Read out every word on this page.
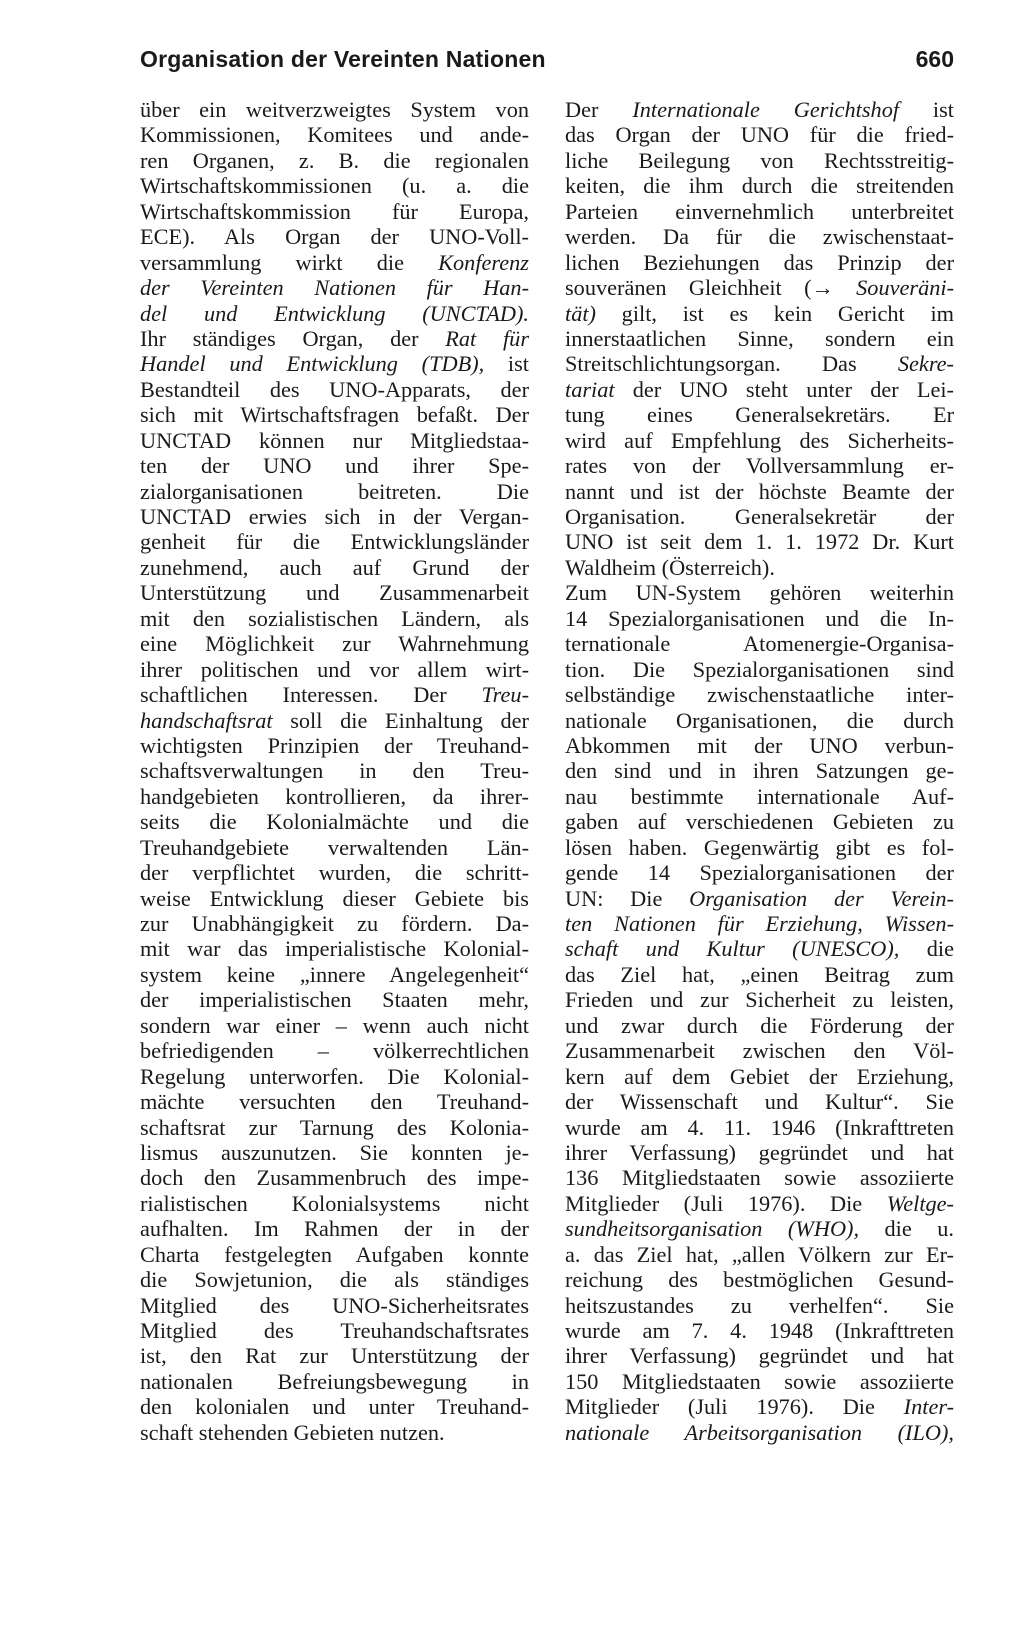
Organisation der Vereinten Nationen	660
über ein weitverzweigtes System von
Kommissionen, Komitees und ande-
ren Organen, z. B. die regionalen
Wirtschaftskommissionen (u. a. die
Wirtschaftskommission für Europa,
ECE). Als Organ der UNO-Voll-
versammlung wirkt die Konferenz
der Vereinten Nationen für Han-
del und Entwicklung (UNCTAD).
Ihr ständiges Organ, der Rat für
Handel und Entwicklung (TDB), ist
Bestandteil des UNO-Apparats, der
sich mit Wirtschaftsfragen befaßt. Der
UNCTAD können nur Mitgliedstaa-
ten der UNO und ihrer Spe-
zialorganisationen beitreten. Die
UNCTAD erwies sich in der Vergan-
genheit für die Entwicklungsländer
zunehmend, auch auf Grund der
Unterstützung und Zusammenarbeit
mit den sozialistischen Ländern, als
eine Möglichkeit zur Wahrnehmung
ihrer politischen und vor allem wirt-
schaftlichen Interessen. Der Treu-
handschaftsrat soll die Einhaltung der
wichtigsten Prinzipien der Treuhand-
schaftsverwaltungen in den Treu-
handgebieten kontrollieren, da ihrer-
seits die Kolonialmächte und die
Treuhandgebiete verwaltenden Län-
der verpflichtet wurden, die schritt-
weise Entwicklung dieser Gebiete bis
zur Unabhängigkeit zu fördern. Da-
mit war das imperialistische Kolonial-
system keine „innere Angelegenheit“
der imperialistischen Staaten mehr,
sondern war einer – wenn auch nicht
befriedigenden – völkerrechtlichen
Regelung unterworfen. Die Kolonial-
mächte versuchten den Treuhand-
schaftsrat zur Tarnung des Kolonia-
lismus auszunutzen. Sie konnten je-
doch den Zusammenbruch des impe-
rialistischen Kolonialsystems nicht
aufhalten. Im Rahmen der in der
Charta festgelegten Aufgaben konnte
die Sowjetunion, die als ständiges
Mitglied des UNO-Sicherheitsrates
Mitglied des Treuhandschaftsrates
ist, den Rat zur Unterstützung der
nationalen Befreiungsbewegung in
den kolonialen und unter Treuhand-
schaft stehenden Gebieten nutzen.
Der Internationale Gerichtshof ist
das Organ der UNO für die fried-
liche Beilegung von Rechtsstreitig-
keiten, die ihm durch die streitenden
Parteien einvernehmlich unterbreitet
werden. Da für die zwischenstaat-
lichen Beziehungen das Prinzip der
souveränen Gleichheit (→ Souveräni-
tät) gilt, ist es kein Gericht im
innerstaatlichen Sinne, sondern ein
Streitschlichtungsorgan. Das Sekre-
tariat der UNO steht unter der Lei-
tung eines Generalsekretärs. Er
wird auf Empfehlung des Sicherheits-
rates von der Vollversammlung er-
nannt und ist der höchste Beamte der
Organisation. Generalsekretär der
UNO ist seit dem 1. 1. 1972 Dr. Kurt
Waldheim (Österreich).
Zum UN-System gehören weiterhin
14 Spezialorganisationen und die In-
ternationale Atomenergie-Organisa-
tion. Die Spezialorganisationen sind
selbständige zwischenstaatliche inter-
nationale Organisationen, die durch
Abkommen mit der UNO verbun-
den sind und in ihren Satzungen ge-
nau bestimmte internationale Auf-
gaben auf verschiedenen Gebieten zu
lösen haben. Gegenwärtig gibt es fol-
gende 14 Spezialorganisationen der
UN: Die Organisation der Verein-
ten Nationen für Erziehung, Wissen-
schaft und Kultur (UNESCO), die
das Ziel hat, „einen Beitrag zum
Frieden und zur Sicherheit zu leisten,
und zwar durch die Förderung der
Zusammenarbeit zwischen den Völ-
kern auf dem Gebiet der Erziehung,
der Wissenschaft und Kultur“. Sie
wurde am 4. 11. 1946 (Inkrafttreten
ihrer Verfassung) gegründet und hat
136 Mitgliedstaaten sowie assoziierte
Mitglieder (Juli 1976). Die Weltge-
sundheitsorganisation (WHO), die u.
a. das Ziel hat, „allen Völkern zur Er-
reichung des bestmöglichen Gesund-
heitszustandes zu verhelfen“. Sie
wurde am 7. 4. 1948 (Inkrafttreten
ihrer Verfassung) gegründet und hat
150 Mitgliedstaaten sowie assoziierte
Mitglieder (Juli 1976). Die Inter-
nationale Arbeitsorganisation (ILO),
